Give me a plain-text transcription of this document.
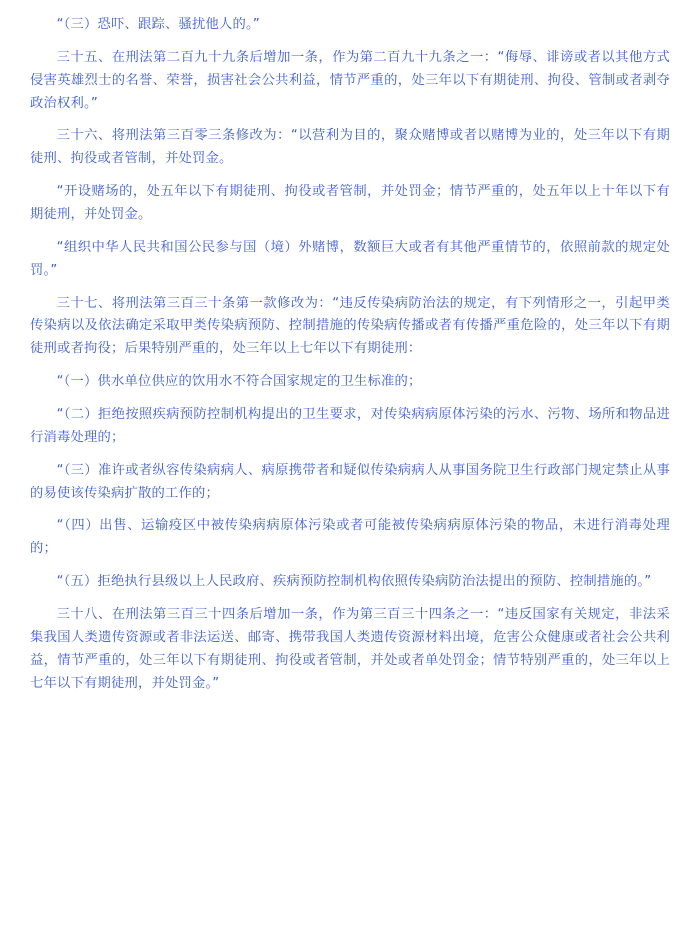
“（三）恐吓、跟踪、骚扰他人的。”

三十五、在刑法第二百九十九条后增加一条，作为第二百九十九条之一：“侮辱、诽谤或者以其他方式侵害英雄烈士的名誉、荣誉，损害社会公共利益，情节严重的，处三年以下有期徒刑、拘役、管制或者剥夺政治权利。”

三十六、将刑法第三百零三条修改为：“以营利为目的，聚众赌博或者以赌博为业的，处三年以下有期徒刑、拘役或者管制，并处罚金。

“开设赌场的，处五年以下有期徒刑、拘役或者管制，并处罚金；情节严重的，处五年以上十年以下有期徒刑，并处罚金。

“组织中华人民共和国公民参与国（境）外赌博，数额巨大或者有其他严重情节的，依照前款的规定处罚。”

三十七、将刑法第三百三十条第一款修改为：“违反传染病防治法的规定，有下列情形之一，引起甲类传染病以及依法确定采取甲类传染病预防、控制措施的传染病传播或者有传播严重危险的，处三年以下有期徒刑或者拘役；后果特别严重的，处三年以上七年以下有期徒刑：

“（一）供水单位供应的饮用水不符合国家规定的卫生标准的；

“（二）拒绝按照疾病预防控制机构提出的卫生要求，对传染病病原体污染的污水、污物、场所和物品进行消毒处理的；

“（三）准许或者纵容传染病病人、病原携带者和疑似传染病病人从事国务院卫生行政部门规定禁止从事的易使该传染病扩散的工作的；

“（四）出售、运输疫区中被传染病病原体污染或者可能被传染病病原体污染的物品，未进行消毒处理的；

“（五）拒绝执行县级以上人民政府、疾病预防控制机构依照传染病防治法提出的预防、控制措施的。”

三十八、在刑法第三百三十四条后增加一条，作为第三百三十四条之一：“违反国家有关规定，非法采集我国人类遗传资源或者非法运送、邮寄、携带我国人类遗传资源材料出境，危害公众健康或者社会公共利益，情节严重的，处三年以下有期徒刑、拘役或者管制，并处或者单处罚金；情节特别严重的，处三年以上七年以下有期徒刑，并处罚金。”
